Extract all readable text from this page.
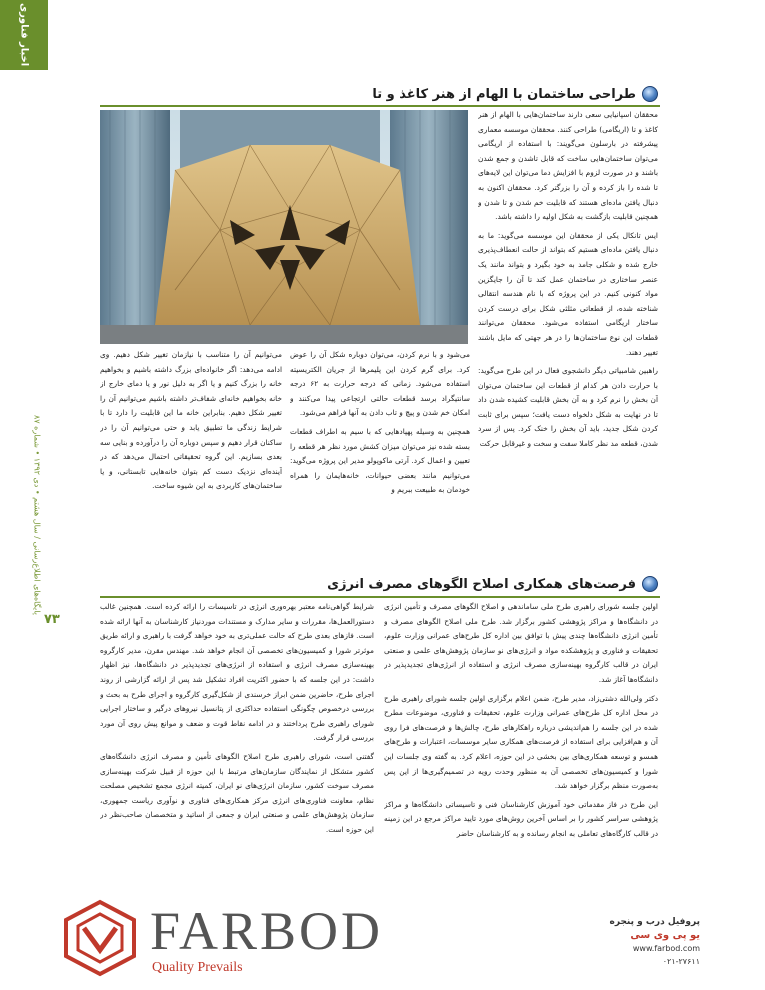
اخبار فناوری
پایگاه‌های اطلاع‌رسانی / سال هشتم • دی ۱۳۹۲ • شماره ۸۷
۷۳
طراحی ساختمان با الهام از هنر کاغذ و تا

محققان اسپانیایی سعی دارند ساختمان‌هایی با الهام از هنر کاغذ و تا (اریگامی) طراحی کنند. محققان موسسه معماری پیشرفته در بارسلون می‌گویند: با استفاده از اریگامی می‌توان ساختمان‌هایی ساخت که قابل تاشدن و جمع شدن باشند و در صورت لزوم با افزایش دما می‌توان این لایه‌های تا شده را باز کرده و آن را بزرگتر کرد. محققان اکنون به دنبال یافتن ماده‌ای هستند که قابلیت خم شدن و تا شدن و همچنین قابلیت بازگشت به شکل اولیه را داشته باشد.

ایس تانکال یکی از محققان این موسسه می‌گوید: ما به دنبال یافتن ماده‌ای هستیم که بتواند از حالت انعطاف‌پذیری خارج شده و شکلی جامد به خود بگیرد و بتواند مانند یک عنصر ساختاری در ساختمان عمل کند تا آن را جایگزین مواد کنونی کنیم. در این پروژه که با نام هندسه انتقالی شناخته شده، از قطعاتی مثلثی شکل برای درست کردن ساختار اریگامی استفاده می‌شود. محققان می‌توانند قطعات این نوع ساختمان‌ها را در هر جهتی که مایل باشند تغییر دهند.

راهبین شامبیاتی دیگر دانشجوی فعال در این طرح می‌گوید: با حرارت دادن هر کدام از قطعات این ساختمان می‌توان آن بخش را نرم کرد و به آن بخش قابلیت کشیده شدن داد تا در نهایت به شکل دلخواه دست یافت؛ سپس برای ثابت کردن شکل جدید، باید آن بخش را خنک کرد. پس از سرد شدن، قطعه مد نظر کاملا سفت و سخت و غیرقابل حرکت

می‌شود و با نرم کردن، می‌توان دوباره شکل آن را عوض کرد. برای گرم کردن این پلیمرها از جریان الکتریسیته استفاده می‌شود. زمانی که درجه حرارت به ۶۲ درجه سانتیگراد برسد قطعات حالتی ارتجاعی پیدا می‌کنند و امکان خم شدن و پیچ و تاب دادن به آنها فراهم می‌شود.

همچنین به وسیله پهپادهایی که با سیم به اطراف قطعات بسته شده نیز می‌توان میزان کشش مورد نظر هر قطعه را تعیین و اعمال کرد. آرتی ماکوپولو مدیر این پروژه می‌گوید: می‌توانیم مانند بعضی حیوانات، خانه‌هایمان را همراه خودمان به طبیعت ببریم و

می‌توانیم آن را متناسب با نیازمان تغییر شکل دهیم. وی ادامه می‌دهد: اگر خانواده‌ای بزرگ داشته باشیم و بخواهیم خانه را بزرگ کنیم و یا اگر به دلیل نور و یا دمای خارج از خانه بخواهیم خانه‌ای شفاف‌تر داشته باشیم می‌توانیم آن را تغییر شکل دهیم. بنابراین خانه ما این قابلیت را دارد تا با شرایط زندگی ما تطبیق یابد و حتی می‌توانیم آن را در ساکنان قرار دهیم و سپس دوباره آن را درآورده و بنایی سه بعدی بسازیم. این گروه تحقیقاتی احتمال می‌دهد که در آینده‌ای نزدیک دست کم بتوان خانه‌هایی تابستانی، و یا ساختمان‌های کاربردی به این شیوه ساخت.

فرصت‌های همکاری اصلاح الگوهای مصرف انرژی

اولین جلسه شورای راهبری طرح ملی ساماندهی و اصلاح الگوهای مصرف و تأمین انرژی در دانشگاه‌ها و مراکز پژوهشی کشور برگزار شد. طرح ملی اصلاح الگوهای مصرف و تأمین انرژی دانشگاه‌ها چندی پیش با توافق بین اداره کل طرح‌های عمرانی وزارت علوم، تحقیقات و فناوری و پژوهشکده مواد و انرژی‌های نو سازمان پژوهش‌های علمی و صنعتی ایران در قالب کارگروه بهینه‌سازی مصرف انرژی و استفاده از انرژی‌های تجدیدپذیر در دانشگاه‌ها آغاز شد.

دکتر ولی‌الله دشتی‌زاد، مدیر طرح، ضمن اعلام برگزاری اولین جلسه شورای راهبری طرح در محل اداره کل طرح‌های عمرانی وزارت علوم، تحقیقات و فناوری، موضوعات مطرح شده در این جلسه را هم‌اندیشی درباره راهکارهای طرح، چالش‌ها و فرصت‌های فرا روی آن و هم‌افزایی برای استفاده از فرصت‌های همکاری سایر موسسات، اعتبارات و طرح‌های همسو و توسعه همکاری‌های بین بخشی در این حوزه، اعلام کرد. به گفته وی جلسات این شورا و کمیسیون‌های تخصصی آن به منظور وحدت رویه در تصمیم‌گیری‌ها از این پس به‌صورت منظم برگزار خواهد شد.

این طرح در فاز مقدماتی خود آموزش کارشناسان فنی و تاسیساتی دانشگاه‌ها و مراکز پژوهشی سراسر کشور را بر اساس آخرین روش‌های مورد تایید مراکز مرجع در این زمینه در قالب کارگاه‌های تعاملی به انجام رسانده و به کارشناسان حاضر

شرایط گواهی‌نامه معتبر بهره‌وری انرژی در تاسیسات را ارائه کرده است. همچنین غالب دستورالعمل‌ها، مقررات و سایر مدارک و مستندات موردنیاز کارشناسان به آنها ارائه شده است. فازهای بعدی طرح که حالت عملی‌تری به خود خواهد گرفت با راهبری و ارائه طریق موثرتر شورا و کمیسیون‌های تخصصی آن انجام خواهد شد. مهندس مقرن، مدیر کارگروه بهینه‌سازی مصرف انرژی و استفاده از انرژی‌های تجدیدپذیر در دانشگاه‌ها، نیز اظهار داشت: در این جلسه که با حضور اکثریت افراد تشکیل شد پس از ارائه گزارشی از روند اجرای طرح، حاضرین ضمن ابراز خرسندی از شکل‌گیری کارگروه و اجرای طرح به بحث و بررسی درخصوص چگونگی استفاده حداکثری از پتانسیل نیروهای درگیر و ساختار اجرایی شورای راهبری طرح پرداختند و در ادامه نقاط قوت و ضعف و موانع پیش روی آن مورد بررسی قرار گرفت.

گفتنی است، شورای راهبری طرح اصلاح الگوهای تأمین و مصرف انرژی دانشگاه‌های کشور متشکل از نمایندگان سازمان‌های مرتبط با این حوزه از قبیل شرکت بهینه‌سازی مصرف سوخت کشور، سازمان انرژی‌های نو ایران، کمیته انرژی مجمع تشخیص مصلحت نظام، معاونت فناوری‌های انرژی مرکز همکاری‌های فناوری و نوآوری ریاست جمهوری، سازمان پژوهش‌های علمی و صنعتی ایران و جمعی از اساتید و متخصصان صاحب‌نظر در این حوزه است.

FARBOD
Quality Prevails
پروفیل درب و پنجره
یو پی وی سی
www.farbod.com
۰۲۱-۲۷۶۱۱
